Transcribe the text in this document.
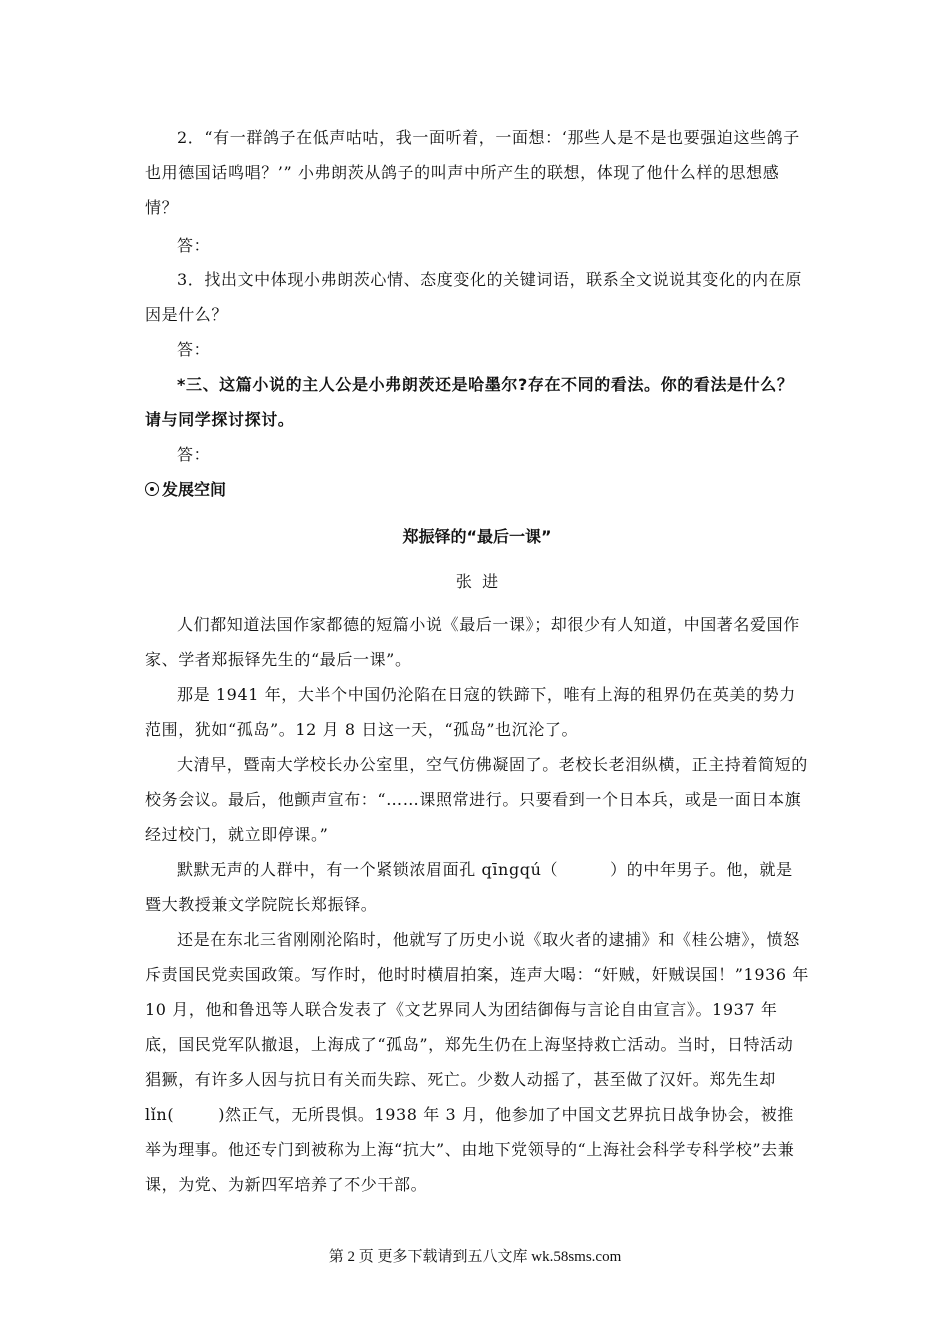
2．“有一群鸽子在低声咕咕，我一面听着，一面想：‘那些人是不是也要强迫这些鸽子也用德国话鸣唱？’” 小弗朗茨从鸽子的叫声中所产生的联想，体现了他什么样的思想感情？
答：
3．找出文中体现小弗朗茨心情、态度变化的关键词语，联系全文说说其变化的内在原因是什么？
答：
*三、这篇小说的主人公是小弗朗茨还是哈墨尔?存在不同的看法。你的看法是什么？请与同学探讨探讨。
答：
发展空间
郑振铎的“最后一课”
张  进
人们都知道法国作家都德的短篇小说《最后一课》；却很少有人知道，中国著名爱国作家、学者郑振铎先生的“最后一课”。
那是 1941 年，大半个中国仍沦陷在日寇的铁蹄下，唯有上海的租界仍在英美的势力范围，犹如“孤岛”。12 月 8 日这一天，“孤岛”也沉沦了。
大清早，暨南大学校长办公室里，空气仿佛凝固了。老校长老泪纵横，正主持着简短的校务会议。最后，他颤声宣布：“……课照常进行。只要看到一个日本兵，或是一面日本旗经过校门，就立即停课。”
默默无声的人群中，有一个紧锁浓眉面孔 qīngqú（	）的中年男子。他，就是暨大教授兼文学院院长郑振铎。
还是在东北三省刚刚沦陷时，他就写了历史小说《取火者的逮捕》和《桂公塘》，愤怒斥责国民党卖国政策。写作时，他时时横眉拍案，连声大喝：“奸贼，奸贼误国！”1936 年 10 月，他和鲁迅等人联合发表了《文艺界同人为团结御侮与言论自由宣言》。1937 年底，国民党军队撤退，上海成了“孤岛”，郑先生仍在上海坚持救亡活动。当时，日特活动猖獗，有许多人因与抗日有关而失踪、死亡。少数人动摇了，甚至做了汉奸。郑先生却 lǐn(	)然正气，无所畏惧。1938 年 3 月，他参加了中国文艺界抗日战争协会，被推举为理事。他还专门到被称为上海“抗大”、由地下党领导的“上海社会科学专科学校”去兼课，为党、为新四军培养了不少干部。
第 2 页 更多下载请到五八文库 wk.58sms.com
